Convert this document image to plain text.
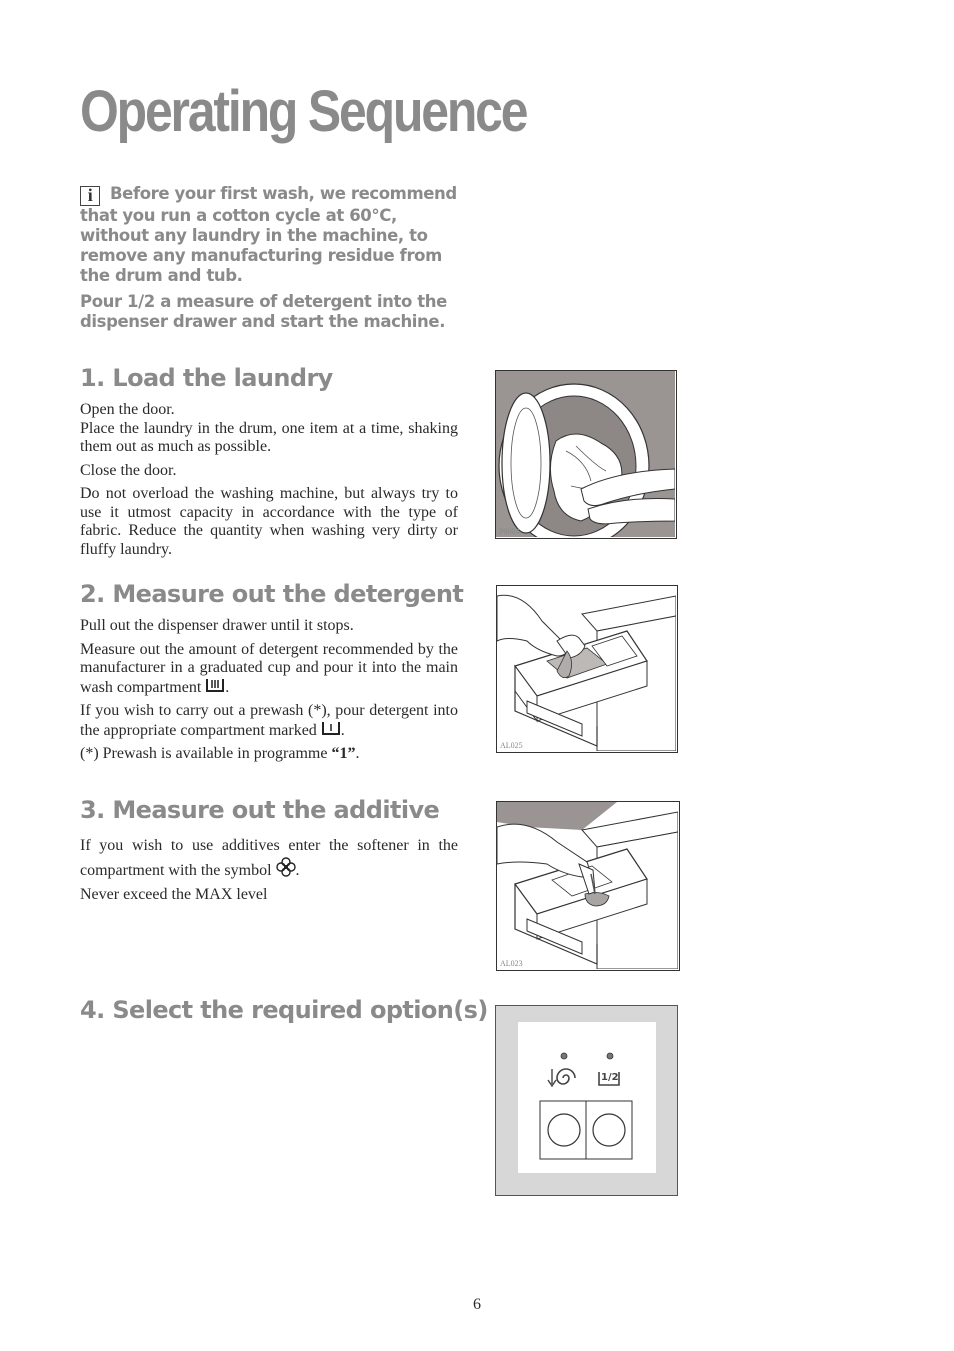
Operating Sequence

i Before your first wash, we recommend that you run a cotton cycle at 60°C, without any laundry in the machine, to remove any manufacturing residue from the drum and tub.

Pour 1/2 a measure of detergent into the dispenser drawer and start the machine.

1. Load the laundry

Open the door.

Place the laundry in the drum, one item at a time, shaking them out as much as possible.

Close the door.

Do not overload the washing machine, but always try to use it utmost capacity in accordance with the type of fabric. Reduce the quantity when washing very dirty or fluffy laundry.

P0004
2. Measure out the detergent

Pull out the dispenser drawer until it stops.

Measure out the amount of detergent recommended by the manufacturer in a graduated cup and pour it into the main wash compartment .

If you wish to carry out a prewash (*), pour detergent into the appropriate compartment marked .

(*) Prewash is available in programme “1”.	AL025
3. Measure out the additive

If you wish to use additives enter the softener in the compartment with the symbol .

Never exceed the MAX level

AL023
4. Select the required option(s)
1/2
6
